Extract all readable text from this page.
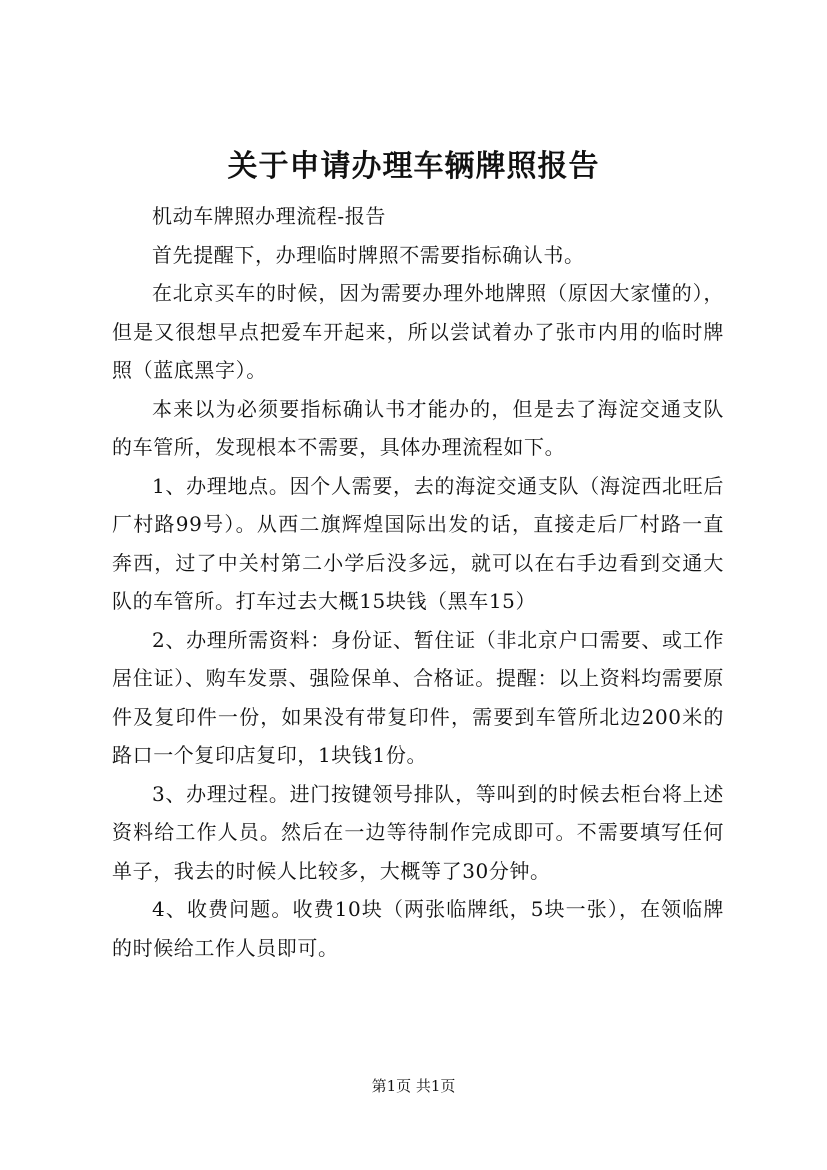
关于申请办理车辆牌照报告

机动车牌照办理流程-报告

首先提醒下，办理临时牌照不需要指标确认书。

在北京买车的时候，因为需要办理外地牌照（原因大家懂的），但是又很想早点把爱车开起来，所以尝试着办了张市内用的临时牌照（蓝底黑字）。

本来以为必须要指标确认书才能办的，但是去了海淀交通支队的车管所，发现根本不需要，具体办理流程如下。

1、办理地点。因个人需要，去的海淀交通支队（海淀西北旺后厂村路99号）。从西二旗辉煌国际出发的话，直接走后厂村路一直奔西，过了中关村第二小学后没多远，就可以在右手边看到交通大队的车管所。打车过去大概15块钱（黑车15）

2、办理所需资料：身份证、暂住证（非北京户口需要、或工作居住证）、购车发票、强险保单、合格证。提醒：以上资料均需要原件及复印件一份，如果没有带复印件，需要到车管所北边200米的路口一个复印店复印，1块钱1份。

3、办理过程。进门按键领号排队，等叫到的时候去柜台将上述资料给工作人员。然后在一边等待制作完成即可。不需要填写任何单子，我去的时候人比较多，大概等了30分钟。

4、收费问题。收费10块（两张临牌纸，5块一张），在领临牌的时候给工作人员即可。

第1页 共1页
